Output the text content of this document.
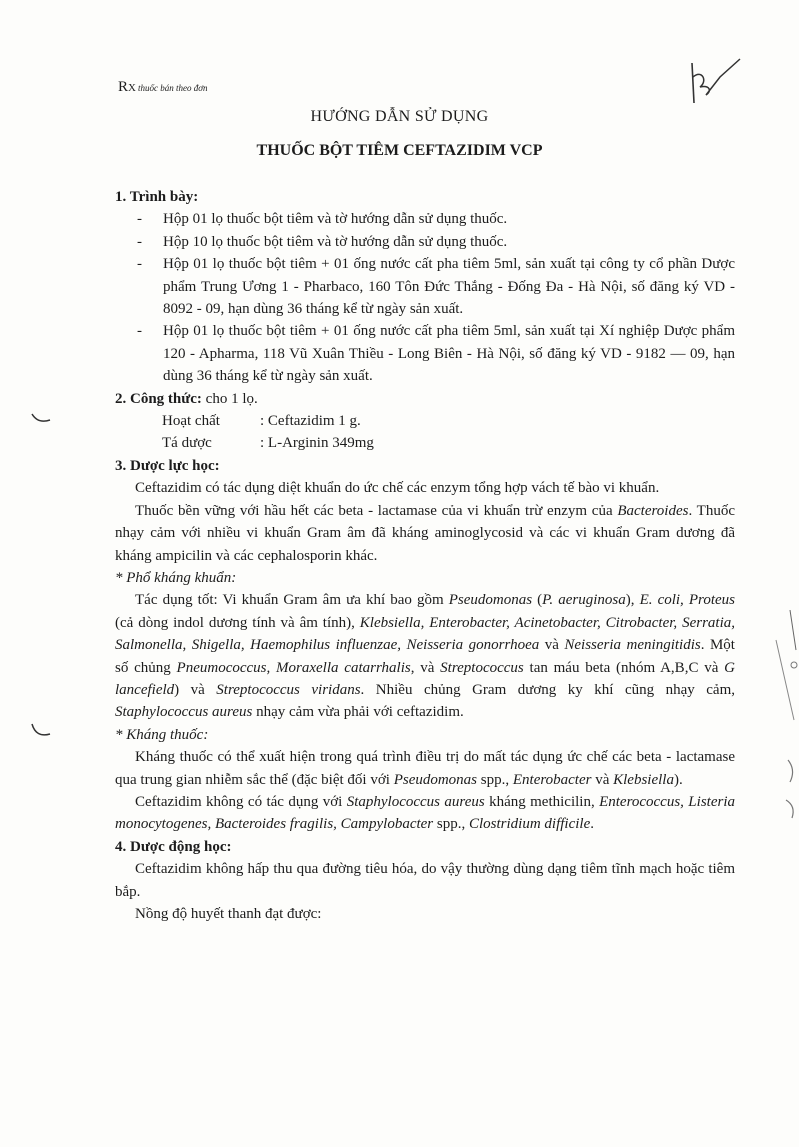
RX thuốc bán theo đơn
HƯỚNG DẪN SỬ DỤNG
THUỐC BỘT TIÊM CEFTAZIDIM VCP
1. Trình bày:
-	Hộp 01 lọ thuốc bột tiêm và tờ hướng dẫn sử dụng thuốc.
-	Hộp 10 lọ thuốc bột tiêm và tờ hướng dẫn sử dụng thuốc.
-	Hộp 01 lọ thuốc bột tiêm + 01 ống nước cất pha tiêm 5ml, sản xuất tại công ty cổ phần Dược phẩm Trung Ương 1 - Pharbaco, 160 Tôn Đức Thắng - Đống Đa - Hà Nội, số đăng ký VD - 8092 - 09, hạn dùng 36 tháng kể từ ngày sản xuất.
-	Hộp 01 lọ thuốc bột tiêm + 01 ống nước cất pha tiêm 5ml, sản xuất tại Xí nghiệp Dược phẩm 120 - Apharma, 118 Vũ Xuân Thiều - Long Biên - Hà Nội, số đăng ký VD - 9182 — 09, hạn dùng 36 tháng kể từ ngày sản xuất.
2. Công thức: cho 1 lọ.
Hoạt chất	: Ceftazidim 1 g.
Tá dược	: L-Arginin 349mg
3. Dược lực học:

Ceftazidim có tác dụng diệt khuẩn do ức chế các enzym tổng hợp vách tế bào vi khuẩn.

Thuốc bền vững với hầu hết các beta - lactamase của vi khuẩn trừ enzym của Bacteroides. Thuốc nhạy cảm với nhiều vi khuẩn Gram âm đã kháng aminoglycosid và các vi khuẩn Gram dương đã kháng ampicilin và các cephalosporin khác.

* Phổ kháng khuẩn:

Tác dụng tốt: Vi khuẩn Gram âm ưa khí bao gồm Pseudomonas (P. aeruginosa), E. coli, Proteus (cả dòng indol dương tính và âm tính), Klebsiella, Enterobacter, Acinetobacter, Citrobacter, Serratia, Salmonella, Shigella, Haemophilus influenzae, Neisseria gonorrhoea và Neisseria meningitidis. Một số chủng Pneumococcus, Moraxella catarrhalis, và Streptococcus tan máu beta (nhóm A,B,C và G lancefield) và Streptococcus viridans. Nhiều chủng Gram dương ky khí cũng nhạy cảm, Staphylococcus aureus nhạy cảm vừa phải với ceftazidim.

* Kháng thuốc:

Kháng thuốc có thể xuất hiện trong quá trình điều trị do mất tác dụng ức chế các beta - lactamase qua trung gian nhiễm sắc thể (đặc biệt đối với Pseudomonas spp., Enterobacter và Klebsiella).

Ceftazidim không có tác dụng với Staphylococcus aureus kháng methicilin, Enterococcus, Listeria monocytogenes, Bacteroides fragilis, Campylobacter spp., Clostridium difficile.

4. Dược động học:

Ceftazidim không hấp thu qua đường tiêu hóa, do vậy thường dùng dạng tiêm tĩnh mạch hoặc tiêm bắp.

Nồng độ huyết thanh đạt được:
